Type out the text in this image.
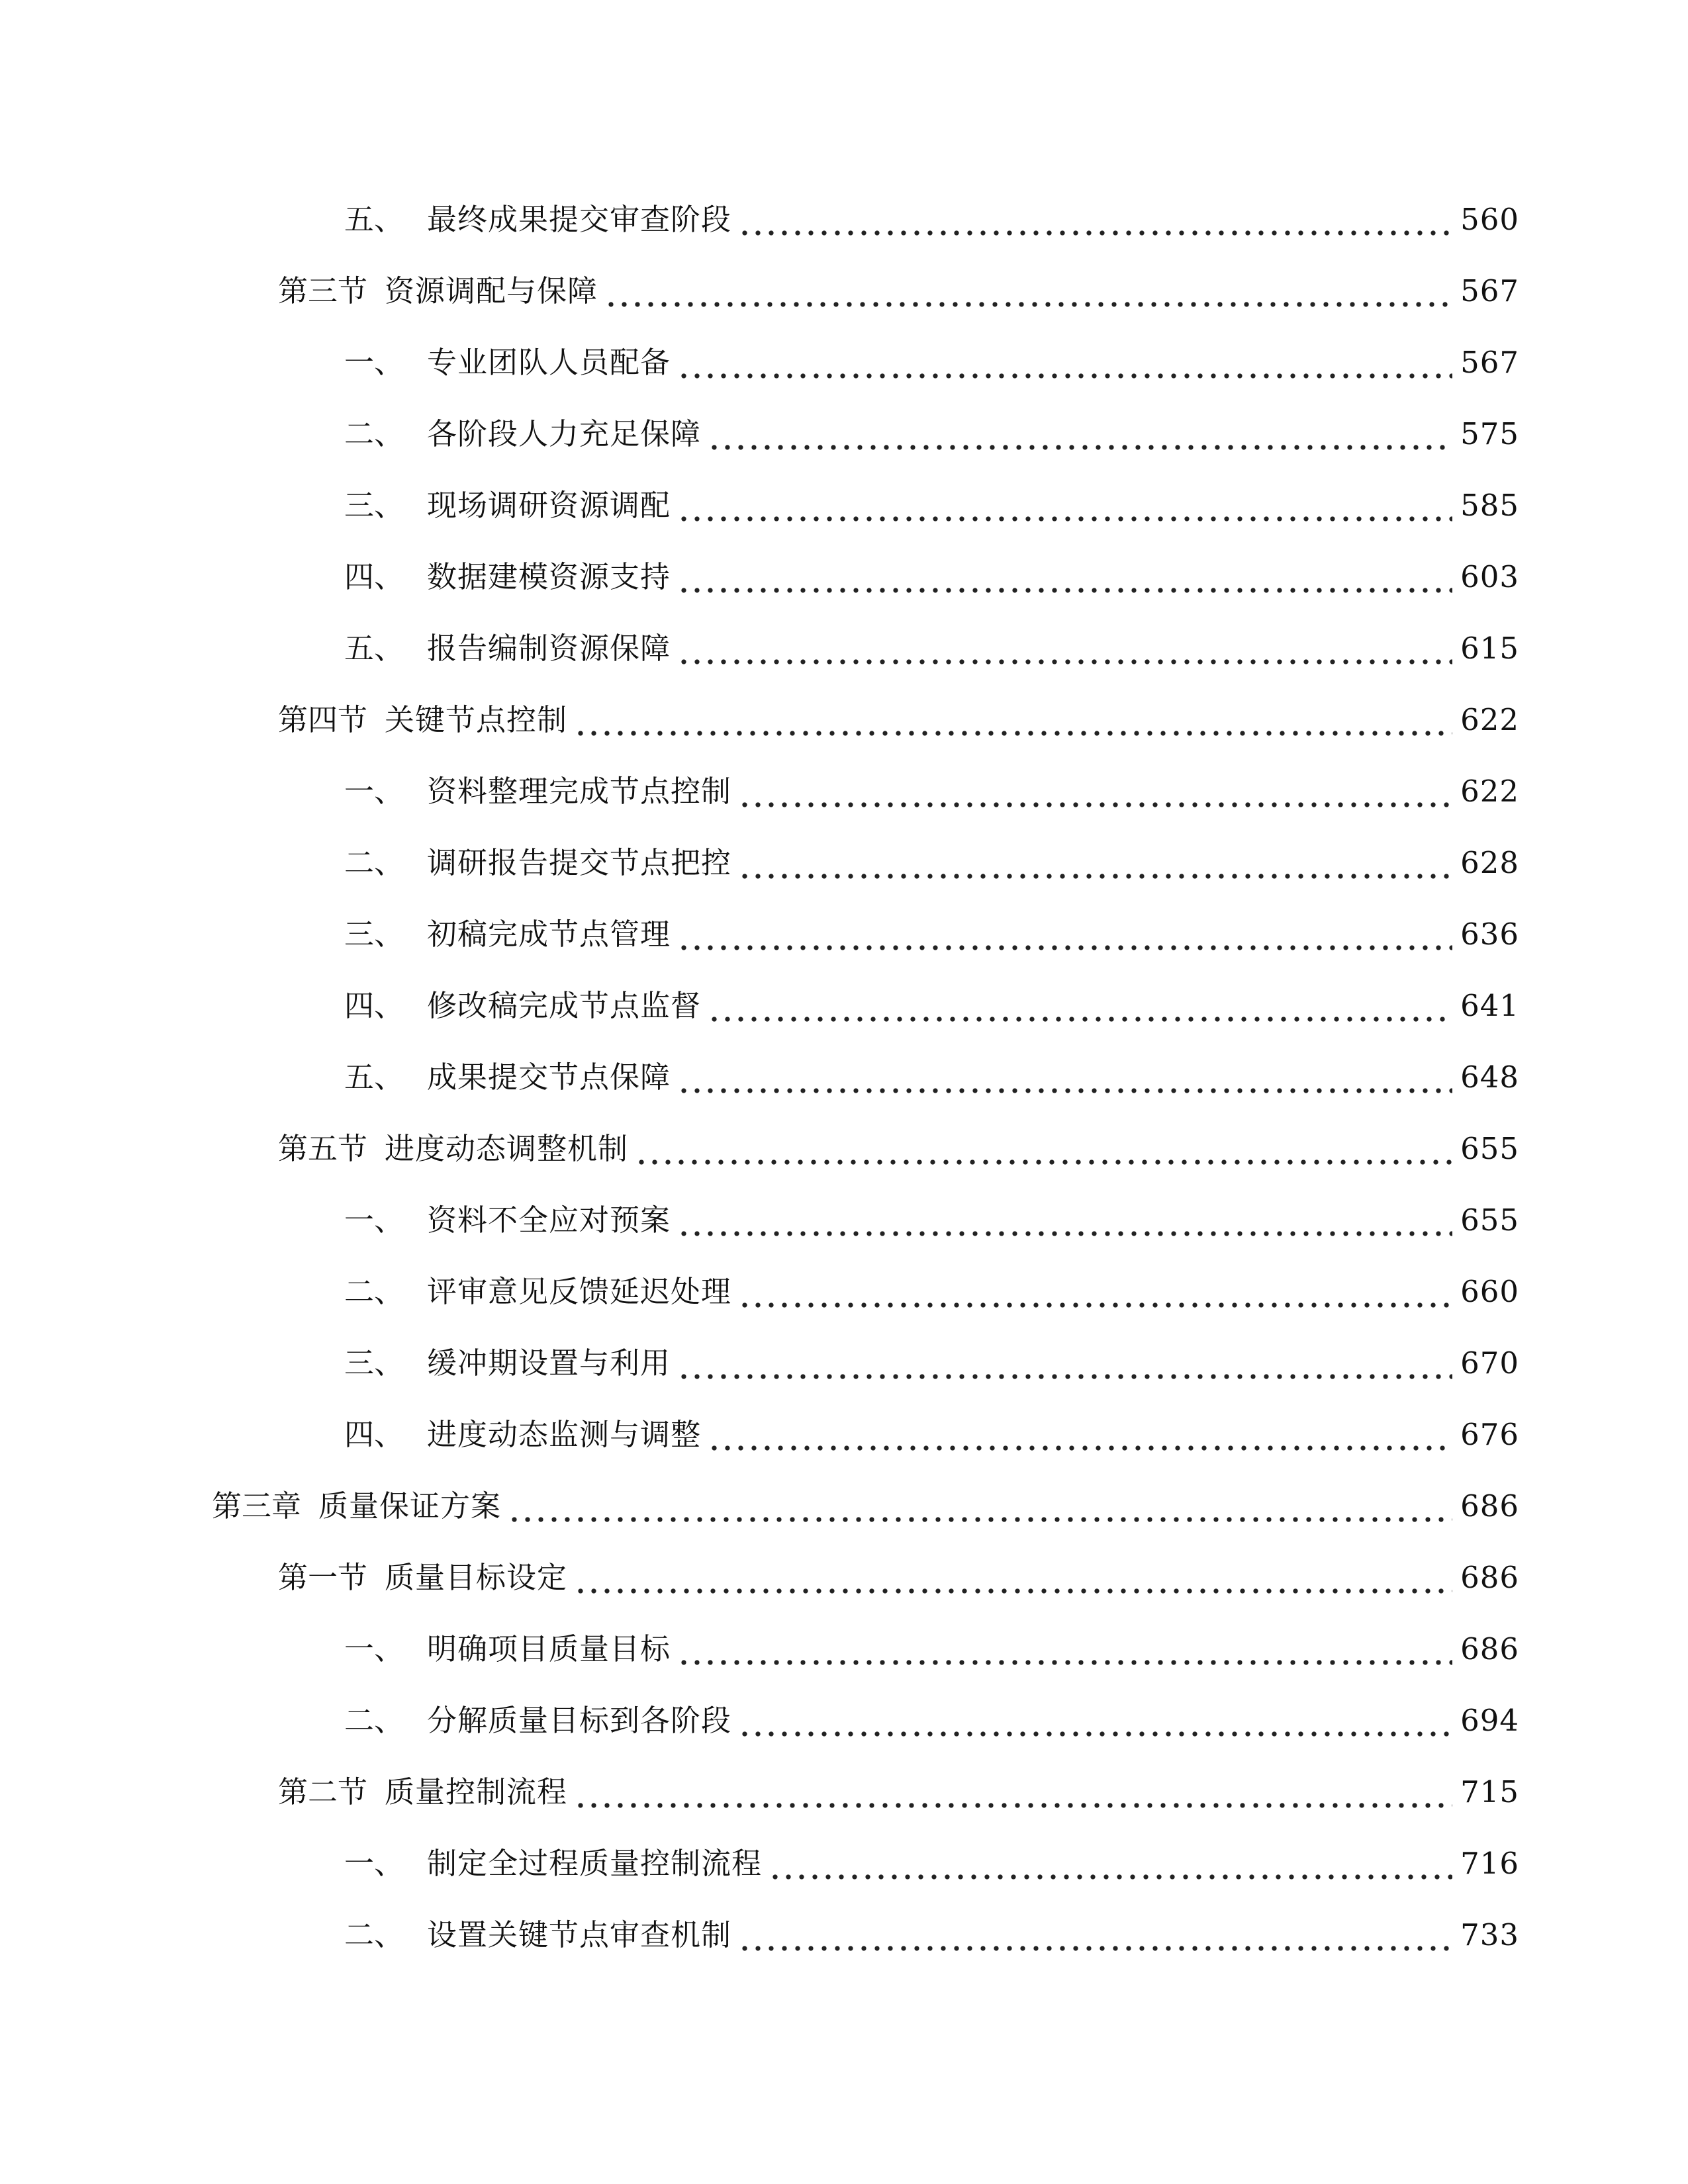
五、 最终成果提交审查阶段	560
第三节 资源调配与保障	567
一、 专业团队人员配备	567
二、 各阶段人力充足保障	575
三、 现场调研资源调配	585
四、 数据建模资源支持	603
五、 报告编制资源保障	615
第四节 关键节点控制	622
一、 资料整理完成节点控制	622
二、 调研报告提交节点把控	628
三、 初稿完成节点管理	636
四、 修改稿完成节点监督	641
五、 成果提交节点保障	648
第五节 进度动态调整机制	655
一、 资料不全应对预案	655
二、 评审意见反馈延迟处理	660
三、 缓冲期设置与利用	670
四、 进度动态监测与调整	676
第三章 质量保证方案	686
第一节 质量目标设定	686
一、 明确项目质量目标	686
二、 分解质量目标到各阶段	694
第二节 质量控制流程	715
一、 制定全过程质量控制流程	716
二、 设置关键节点审查机制	733
